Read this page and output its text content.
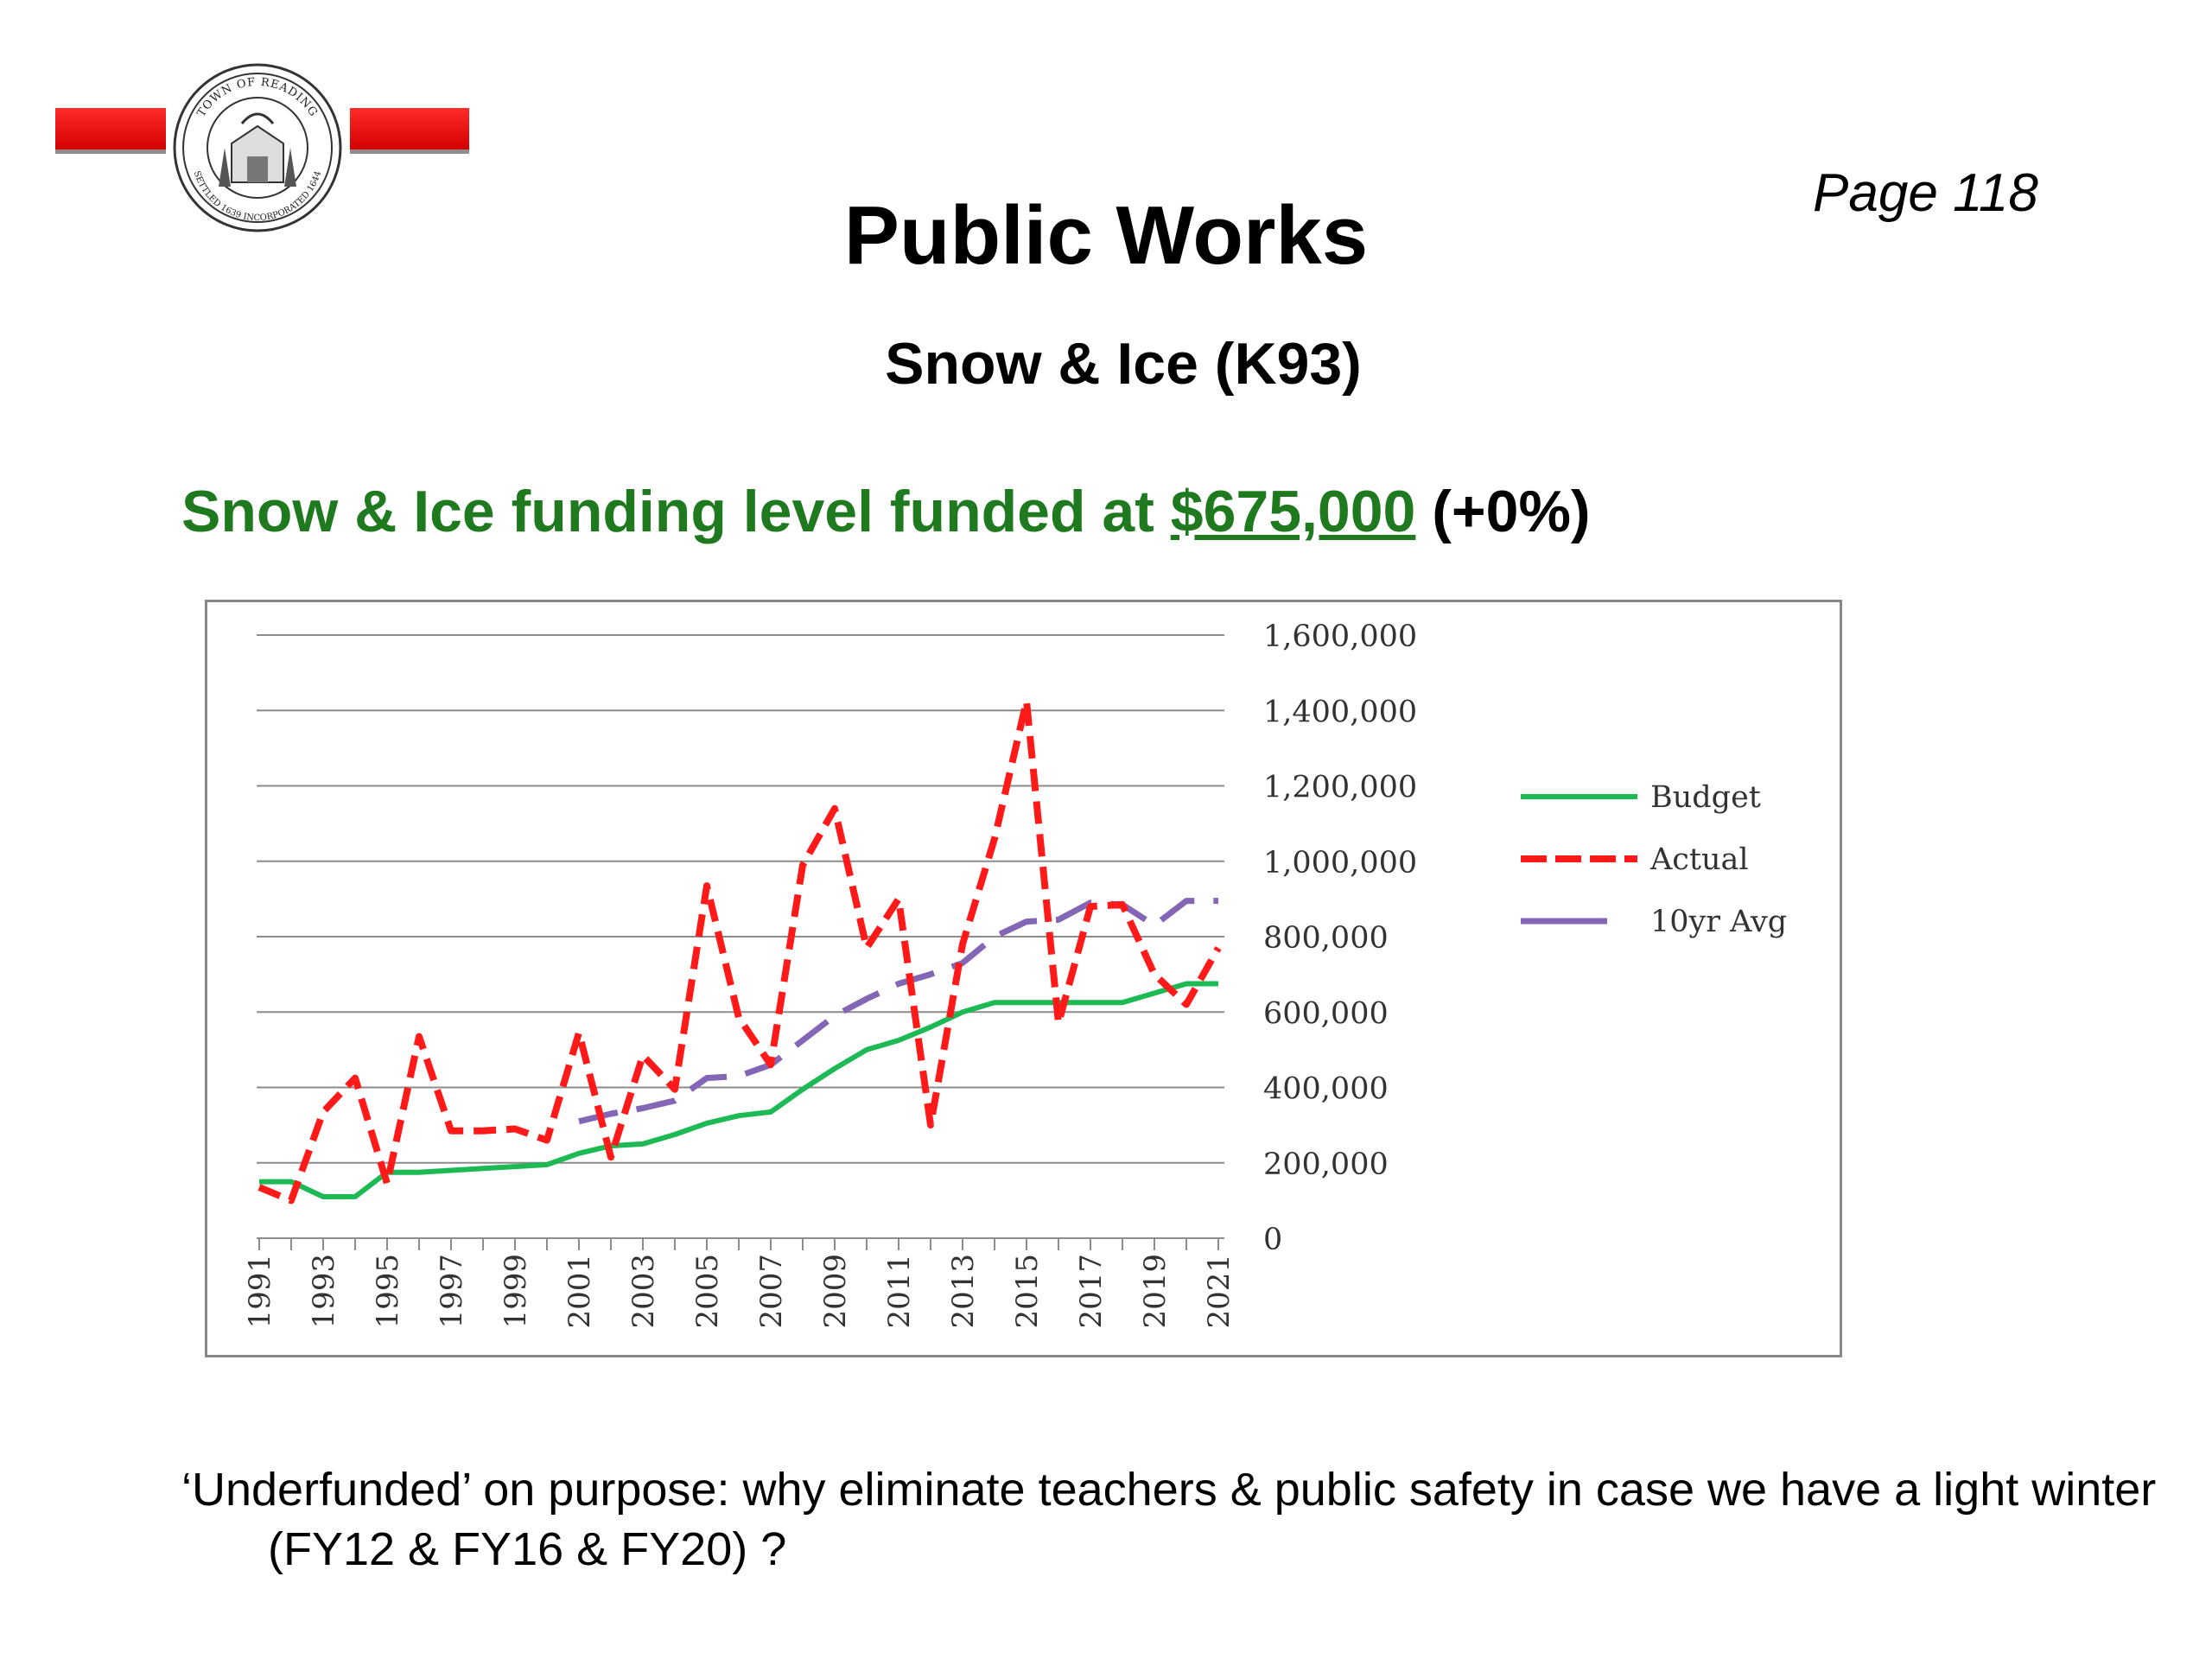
TOWN OF READING
SETTLED 1639 INCORPORATED 1644	Page 118
Public Works
Snow & Ice (K93)
Snow & Ice funding level funded at $675,000 (+0%)
0
200,000
400,000
600,000
800,000
1,000,000
1,200,000
1,400,000
1,600,000
1991 1993 1995 1997 1999 2001 2003 2005 2007 2009 2011 2013 2015 2017 2019 2021
Budget
Actual
10yr Avg
‘Underfunded’ on purpose: why eliminate teachers & public safety in case we have a light winter (FY12 & FY16 & FY20) ?
